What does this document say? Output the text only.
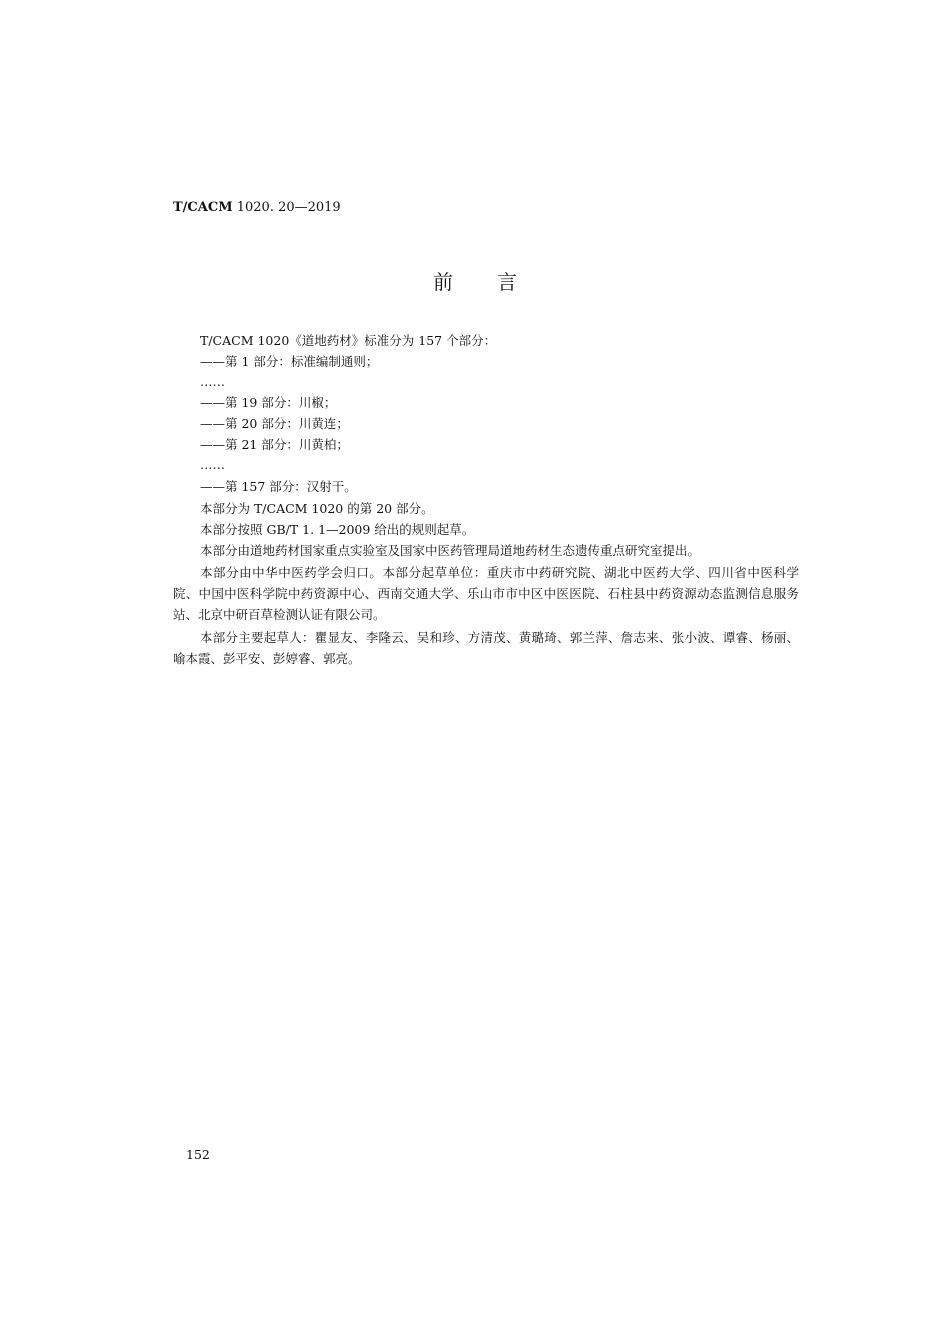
T/CACM 1020. 20—2019
前言
T/CACM 1020《道地药材》标准分为 157 个部分：
——第 1 部分：标准编制通则；
……
——第 19 部分：川椒；
——第 20 部分：川黄连；
——第 21 部分：川黄柏；
……
——第 157 部分：汉射干。
本部分为 T/CACM 1020 的第 20 部分。
本部分按照 GB/T 1. 1—2009 给出的规则起草。
本部分由道地药材国家重点实验室及国家中医药管理局道地药材生态遗传重点研究室提出。
本部分由中华中医药学会归口。本部分起草单位：重庆市中药研究院、湖北中医药大学、四川省中医科学院、中国中医科学院中药资源中心、西南交通大学、乐山市市中区中医医院、石柱县中药资源动态监测信息服务站、北京中研百草检测认证有限公司。
本部分主要起草人：瞿显友、李隆云、吴和珍、方清茂、黄璐琦、郭兰萍、詹志来、张小波、谭睿、杨丽、喻本霞、彭平安、彭婷睿、郭亮。
152
